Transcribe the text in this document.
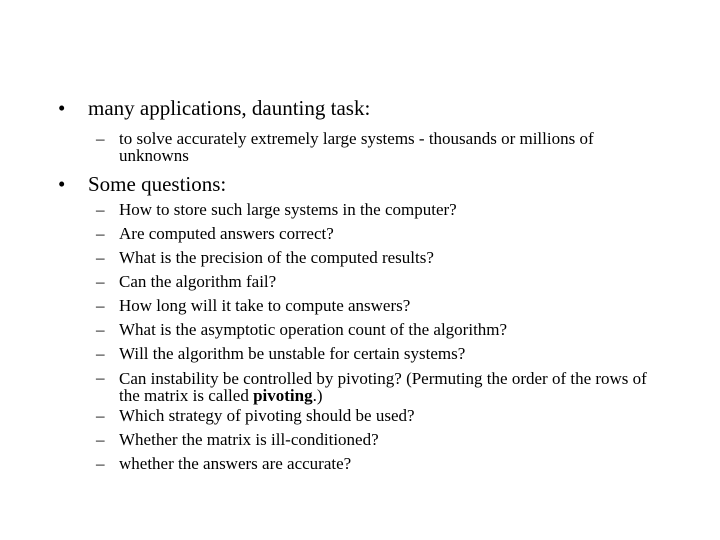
•	many applications, daunting task:
– to solve accurately extremely large systems - thousands or millions of unknowns
•	Some questions:
– How to store such large systems in the computer?
– Are computed answers correct?
– What is the precision of the computed results?
– Can the algorithm fail?
– How long will it take to compute answers?
– What is the asymptotic operation count of the algorithm?
– Will the algorithm be unstable for certain systems?
– Can instability be controlled by pivoting? (Permuting the order of the rows of the matrix is called pivoting.)
– Which strategy of pivoting should be used?
– Whether the matrix is ill-conditioned?
– whether the answers are accurate?
